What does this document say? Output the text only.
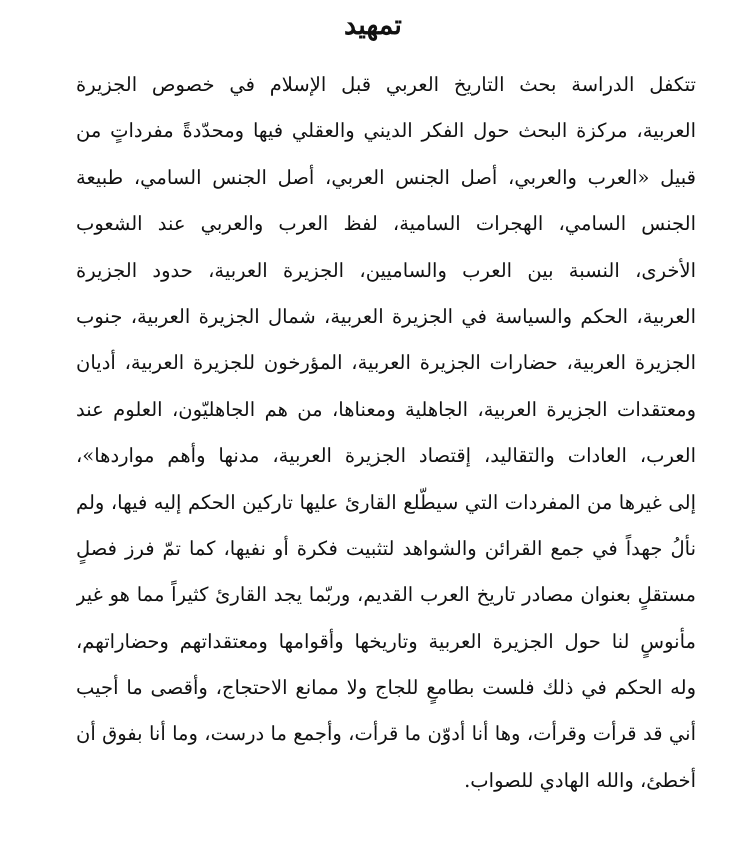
تمهيد
تتكفل الدراسة بحث التاريخ العربي قبل الإسلام في خصوص الجزيرة
العربية، مركزة البحث حول الفكر الديني والعقلي فيها ومحدّدةً مفرداتٍ من
قبيل «العرب والعربي، أصل الجنس العربي، أصل الجنس السامي، طبيعة
الجنس السامي، الهجرات السامية، لفظ العرب والعربي عند الشعوب
الأخرى، النسبة بين العرب والساميين، الجزيرة العربية، حدود الجزيرة
العربية، الحكم والسياسة في الجزيرة العربية، شمال الجزيرة العربية، جنوب
الجزيرة العربية، حضارات الجزيرة العربية، المؤرخون للجزيرة العربية، أديان
ومعتقدات الجزيرة العربية، الجاهلية ومعناها، من هم الجاهليّون، العلوم عند
العرب، العادات والتقاليد، إقتصاد الجزيرة العربية، مدنها وأهم مواردها»،
إلى غيرها من المفردات التي سيطّلع القارئ عليها تاركين الحكم إليه فيها، ولم
نألُ جهداً في جمع القرائن والشواهد لتثبيت فكرة أو نفيها، كما تمّ فرز فصلٍ
مستقلٍ بعنوان مصادر تاريخ العرب القديم، وربّما يجد القارئ كثيراً مما هو غير
مأنوسٍ لنا حول الجزيرة العربية وتاريخها وأقوامها ومعتقداتهم وحضاراتهم،
وله الحكم في ذلك فلست بطامعٍ للجاج ولا ممانع الاحتجاج، وأقصى ما أجيب
أني قد قرأت وقرأت، وها أنا أدوّن ما قرأت، وأجمع ما درست، وما أنا بفوق أن
أخطئ، والله الهادي للصواب.
